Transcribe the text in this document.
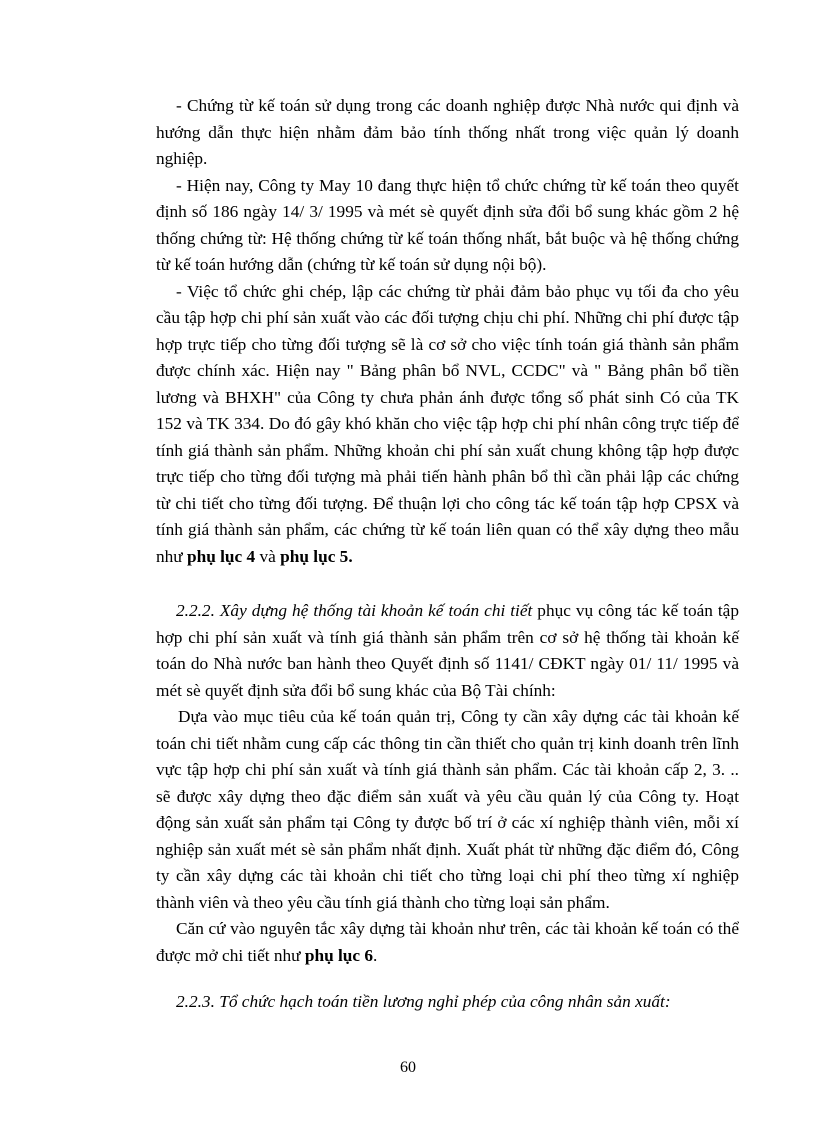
- Chứng từ kế toán sử dụng trong các doanh nghiệp được Nhà nước qui định và hướng dẫn thực hiện nhằm đảm bảo tính thống nhất trong việc quản lý doanh nghiệp.

- Hiện nay, Công ty May 10 đang thực hiện tổ chức chứng từ kế toán theo quyết định số 186 ngày 14/ 3/ 1995 và mét sè quyết định sửa đổi bổ sung khác gồm 2 hệ thống chứng từ: Hệ thống chứng từ kế toán thống nhất, bắt buộc và hệ thống chứng từ kế toán hướng dẫn (chứng từ kế toán sử dụng nội bộ).

- Việc tổ chức ghi chép, lập các chứng từ phải đảm bảo phục vụ tối đa cho yêu cầu tập hợp chi phí sản xuất vào các đối tượng chịu chi phí. Những chi phí được tập hợp trực tiếp cho từng đối tượng sẽ là cơ sở cho việc tính toán giá thành sản phẩm được chính xác. Hiện nay " Bảng phân bổ NVL, CCDC" và " Bảng phân bổ tiền lương và BHXH" của Công ty chưa phản ánh được tổng số phát sinh Có của TK 152 và TK 334. Do đó gây khó khăn cho việc tập hợp chi phí nhân công trực tiếp để tính giá thành sản phẩm. Những khoản chi phí sản xuất chung không tập hợp được trực tiếp cho từng đối tượng mà phải tiến hành phân bổ thì cần phải lập các chứng từ chi tiết cho từng đối tượng. Để thuận lợi cho công tác kế toán tập hợp CPSX và tính giá thành sản phẩm, các chứng từ kế toán liên quan có thể xây dựng theo mẫu như phụ lục 4 và phụ lục 5.

2.2.2. Xây dựng hệ thống tài khoản kế toán chi tiết phục vụ công tác kế toán tập hợp chi phí sản xuất và tính giá thành sản phẩm trên cơ sở hệ thống tài khoản kế toán do Nhà nước ban hành theo Quyết định số 1141/ CĐKT ngày 01/ 11/ 1995 và mét sè quyết định sửa đổi bổ sung khác của Bộ Tài chính:

Dựa vào mục tiêu của kế toán quản trị, Công ty cần xây dựng các tài khoản kế toán chi tiết nhằm cung cấp các thông tin cần thiết cho quản trị kinh doanh trên lĩnh vực tập hợp chi phí sản xuất và tính giá thành sản phẩm. Các tài khoản cấp 2, 3. .. sẽ được xây dựng theo đặc điểm sản xuất và yêu cầu quản lý của Công ty. Hoạt động sản xuất sản phẩm tại Công ty được bố trí ở các xí nghiệp thành viên, mỗi xí nghiệp sản xuất mét sè sản phẩm nhất định. Xuất phát từ những đặc điểm đó, Công ty cần xây dựng các tài khoản chi tiết cho từng loại chi phí theo từng xí nghiệp thành viên và theo yêu cầu tính giá thành cho từng loại sản phẩm.

Căn cứ vào nguyên tắc xây dựng tài khoản như trên, các tài khoản kế toán có thể được mở chi tiết như phụ lục 6.

2.2.3. Tổ chức hạch toán tiền lương nghỉ phép của công nhân sản xuất:

60
